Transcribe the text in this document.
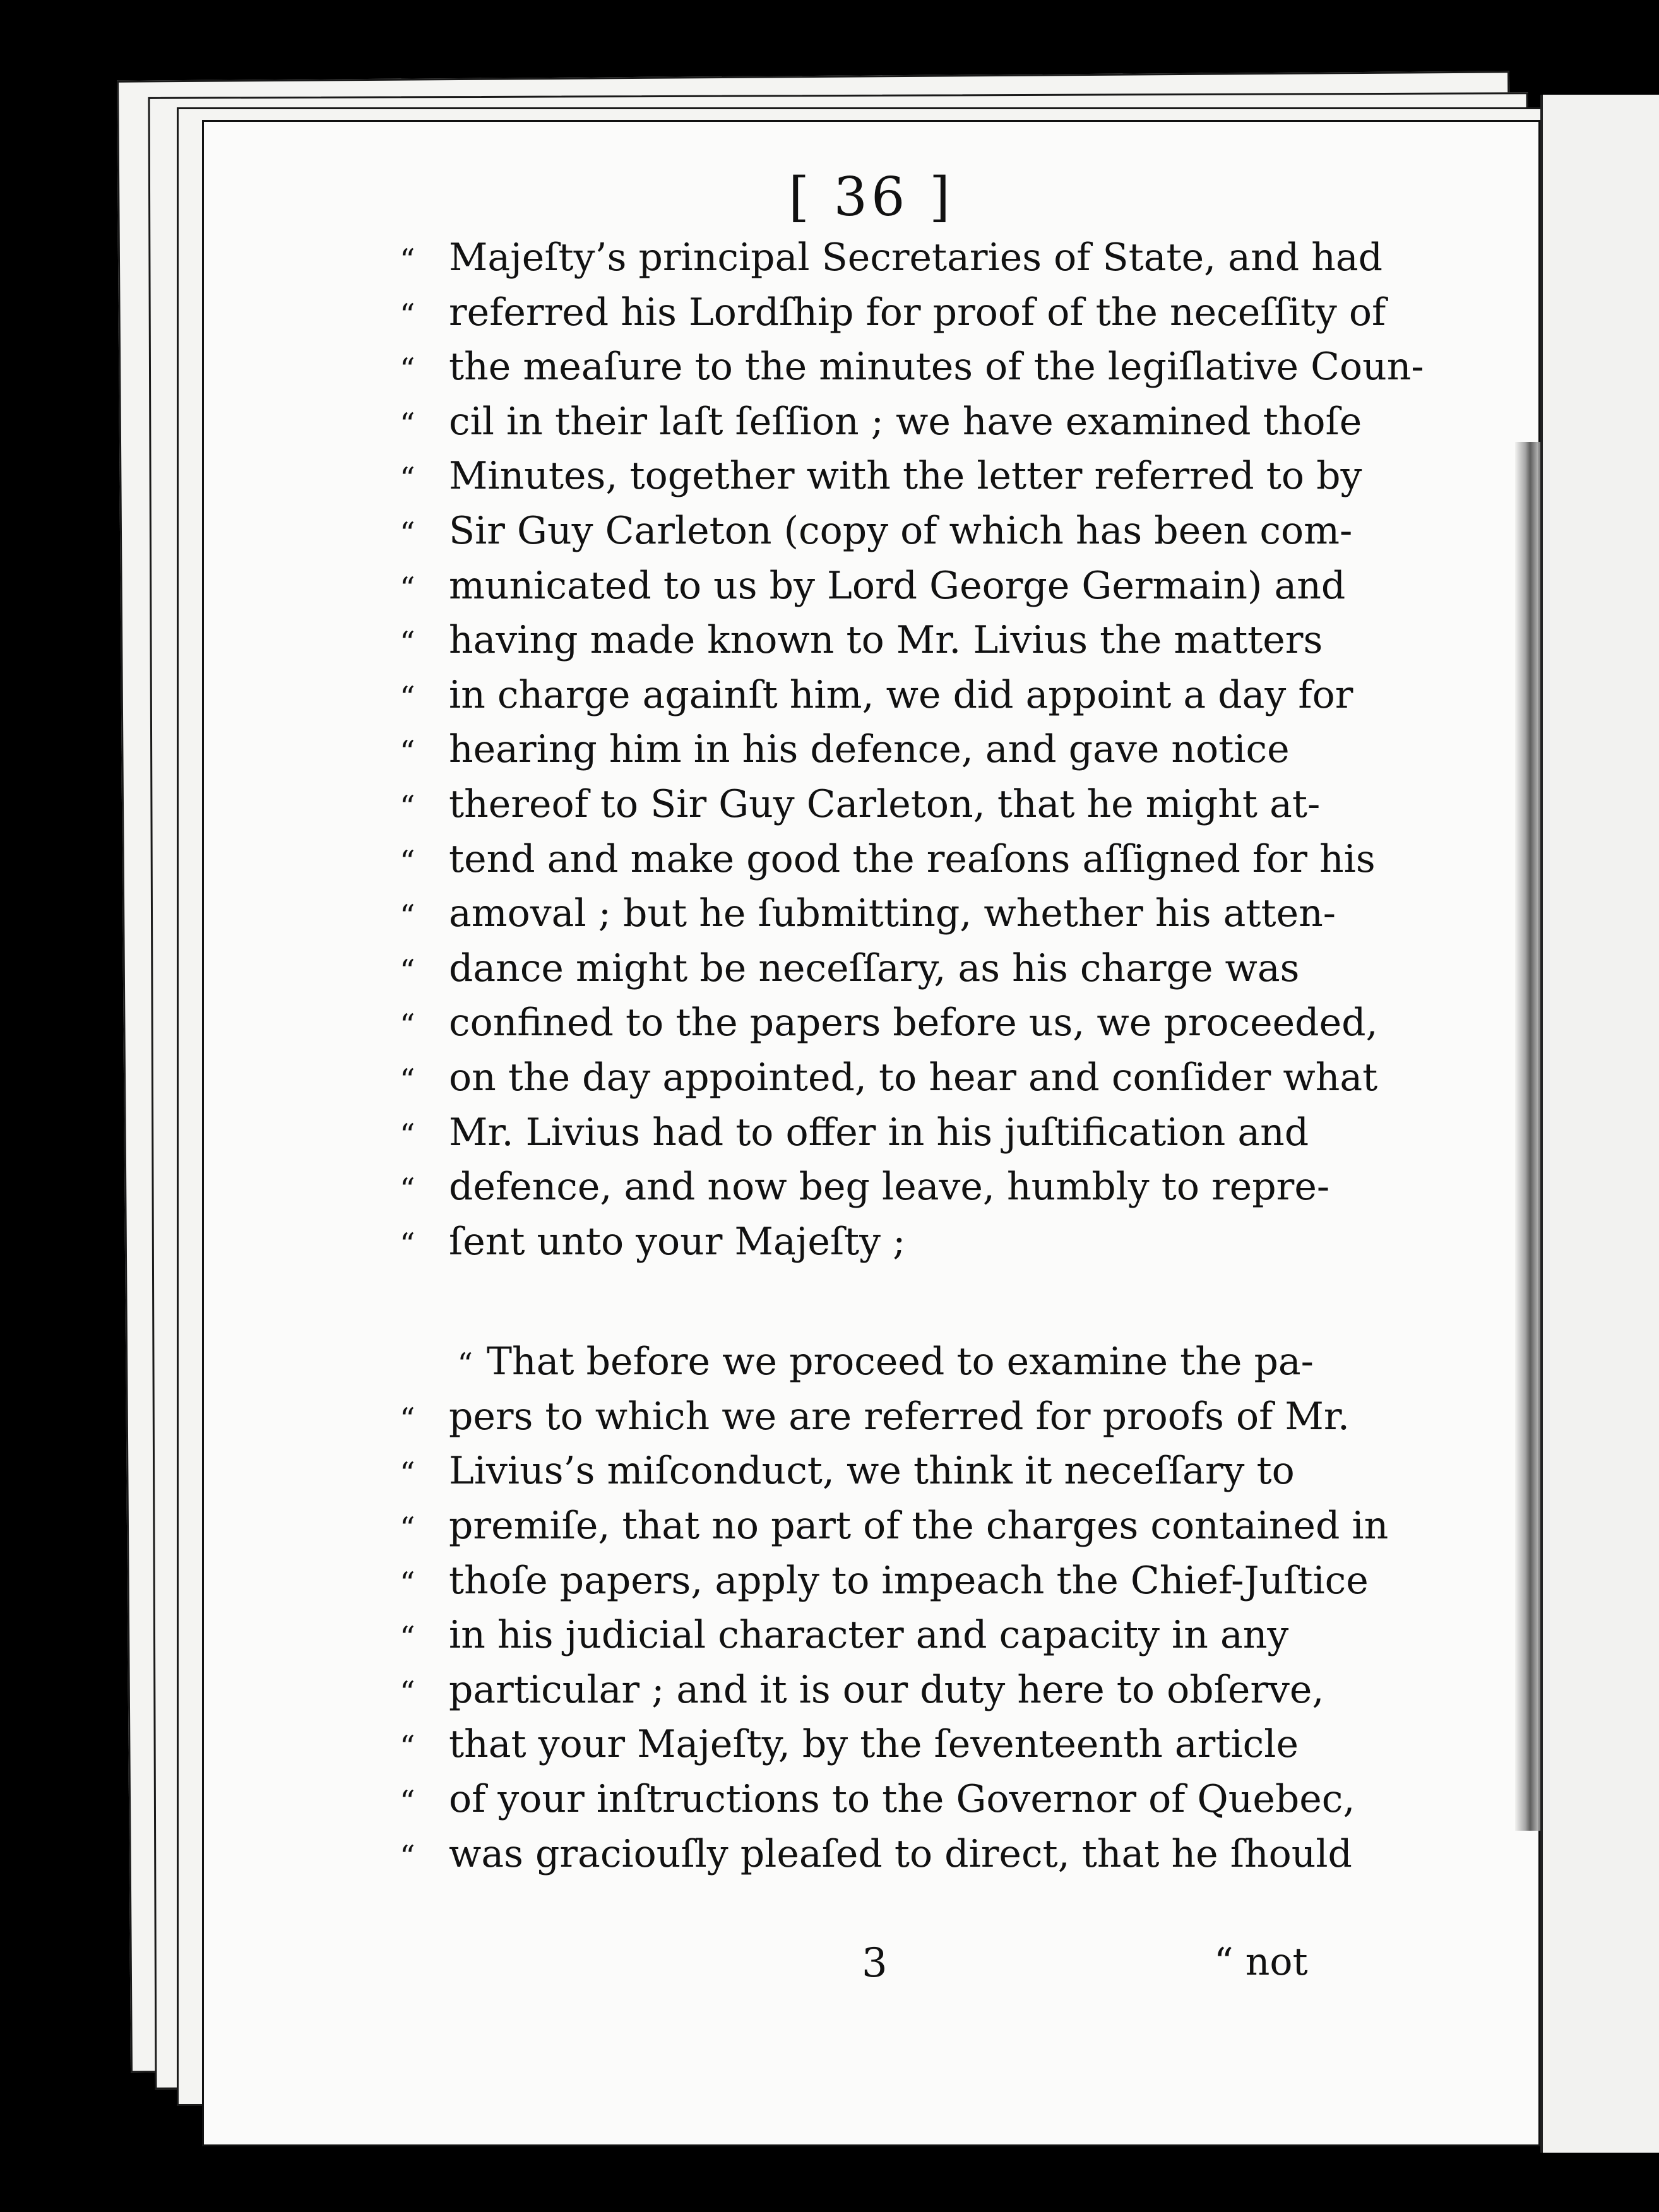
[ 36 ]
“ Majeſty’s principal Secretaries of State, and had
“ referred his Lordſhip for proof of the neceſſity of
“ the meaſure to the minutes of the legiſlative Coun-
“ cil in their laſt ſeſſion ; we have examined thoſe
“ Minutes, together with the letter referred to by
“ Sir Guy Carleton (copy of which has been com-
“ municated to us by Lord George Germain) and
“ having made known to Mr. Livius the matters
“ in charge againſt him, we did appoint a day for
“ hearing him in his defence, and gave notice
“ thereof to Sir Guy Carleton, that he might at-
“ tend and make good the reaſons aſſigned for his
“ amoval ; but he ſubmitting, whether his atten-
“ dance might be neceſſary, as his charge was
“ confined to the papers before us, we proceeded,
“ on the day appointed, to hear and conſider what
“ Mr. Livius had to offer in his juſtification and
“ defence, and now beg leave, humbly to repre-
“ ſent unto your Majeſty ;
“ That before we proceed to examine the pa-
“ pers to which we are referred for proofs of Mr.
“ Livius’s miſconduct, we think it neceſſary to
“ premiſe, that no part of the charges contained in
“ thoſe papers, apply to impeach the Chief-Juſtice
“ in his judicial character and capacity in any
“ particular ; and it is our duty here to obſerve,
“ that your Majeſty, by the ſeventeenth article
“ of your inſtructions to the Governor of Quebec,
“ was graciouſly pleaſed to direct, that he ſhould
3	“ not
